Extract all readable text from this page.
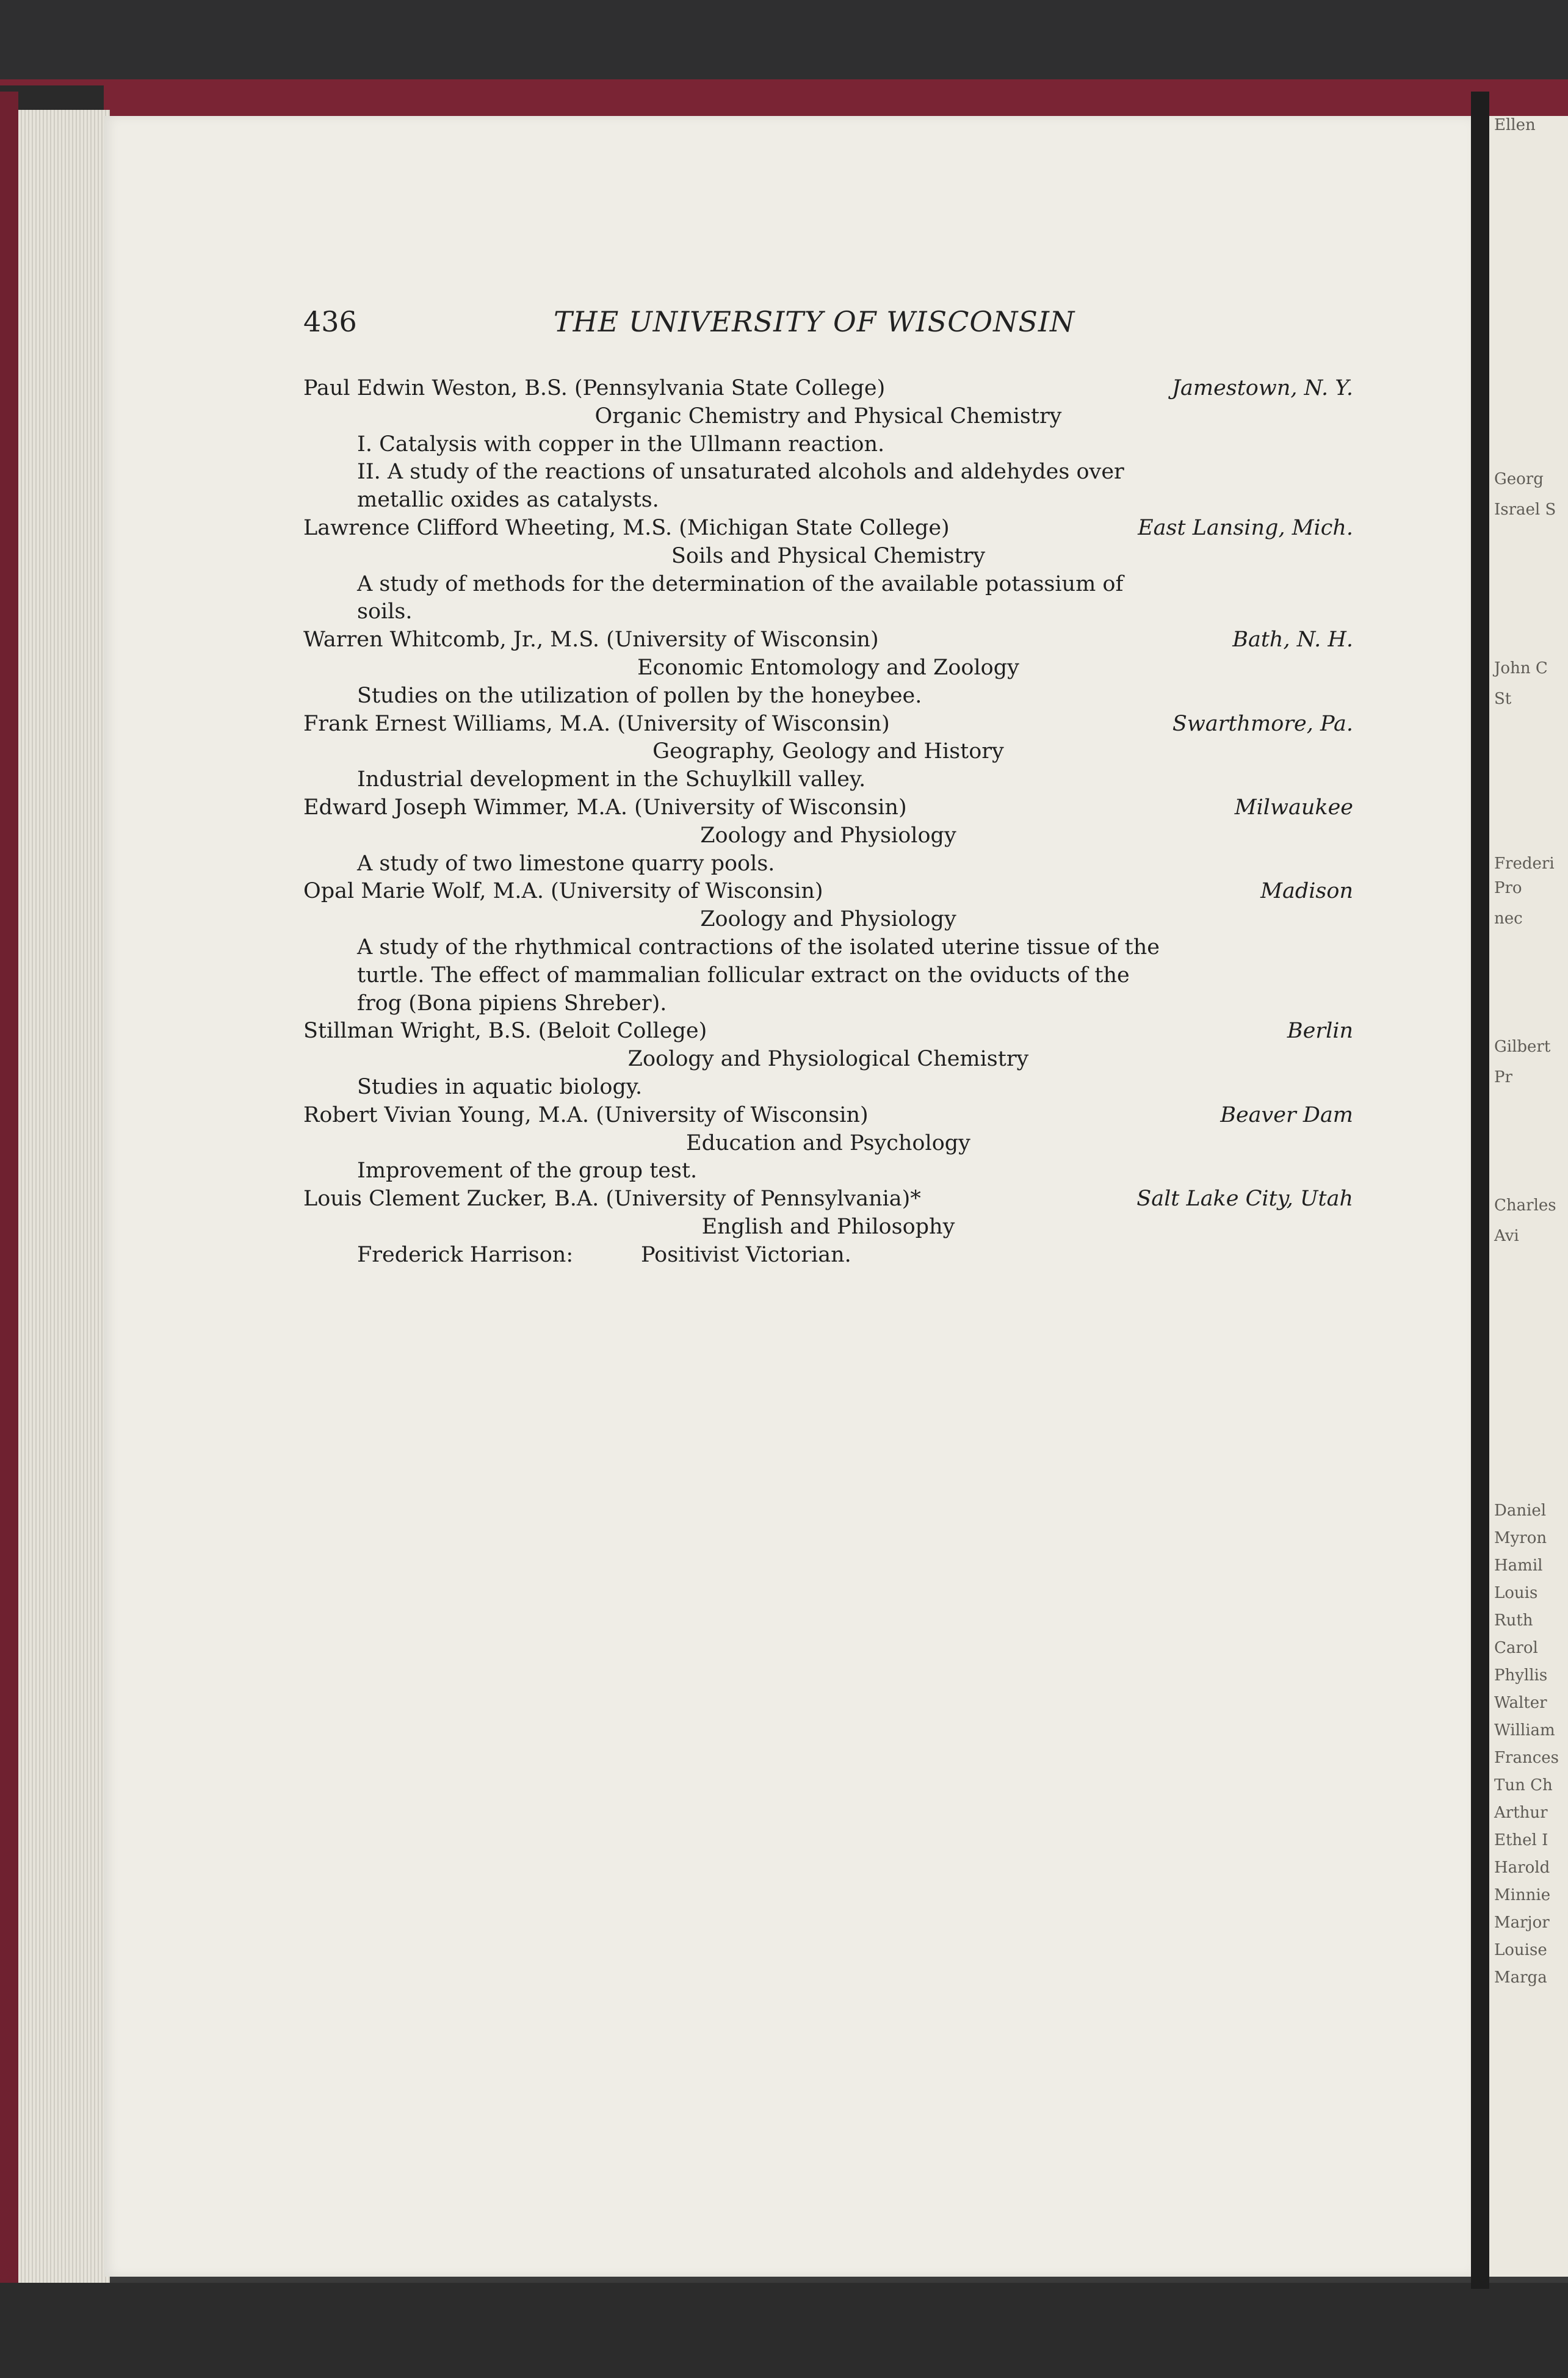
436	THE UNIVERSITY OF WISCONSIN
Paul Edwin Weston, B.S. (Pennsylvania State College)	Jamestown, N. Y.
Organic Chemistry and Physical Chemistry
I. Catalysis with copper in the Ullmann reaction.
II. A study of the reactions of unsaturated alcohols and aldehydes over
metallic oxides as catalysts.
Lawrence Clifford Wheeting, M.S. (Michigan State College)	East Lansing, Mich.
Soils and Physical Chemistry
A study of methods for the determination of the available potassium of
soils.
Warren Whitcomb, Jr., M.S. (University of Wisconsin)	Bath, N. H.
Economic Entomology and Zoology
Studies on the utilization of pollen by the honeybee.
Frank Ernest Williams, M.A. (University of Wisconsin)	Swarthmore, Pa.
Geography, Geology and History
Industrial development in the Schuylkill valley.
Edward Joseph Wimmer, M.A. (University of Wisconsin)	Milwaukee
Zoology and Physiology
A study of two limestone quarry pools.
Opal Marie Wolf, M.A. (University of Wisconsin)	Madison
Zoology and Physiology
A study of the rhythmical contractions of the isolated uterine tissue of the
turtle. The effect of mammalian follicular extract on the oviducts of the
frog (Bona pipiens Shreber).
Stillman Wright, B.S. (Beloit College)	Berlin
Zoology and Physiological Chemistry
Studies in aquatic biology.
Robert Vivian Young, M.A. (University of Wisconsin)	Beaver Dam
Education and Psychology
Improvement of the group test.
Louis Clement Zucker, B.A. (University of Pennsylvania)*	Salt Lake City, Utah
English and Philosophy
Frederick Harrison:	Positivist Victorian.
Georg
Israel S
John C
St
Frederi
Pro
nec
Gilbert
Pr
Charles
Avi
Daniel
Myron
Hamil
Louis
Ruth
Carol
Phyllis
Walter
William
Frances
Tun Ch
Arthur
Ethel I
Harold
Minnie
Marjor
Louise
Marga
Ellen
